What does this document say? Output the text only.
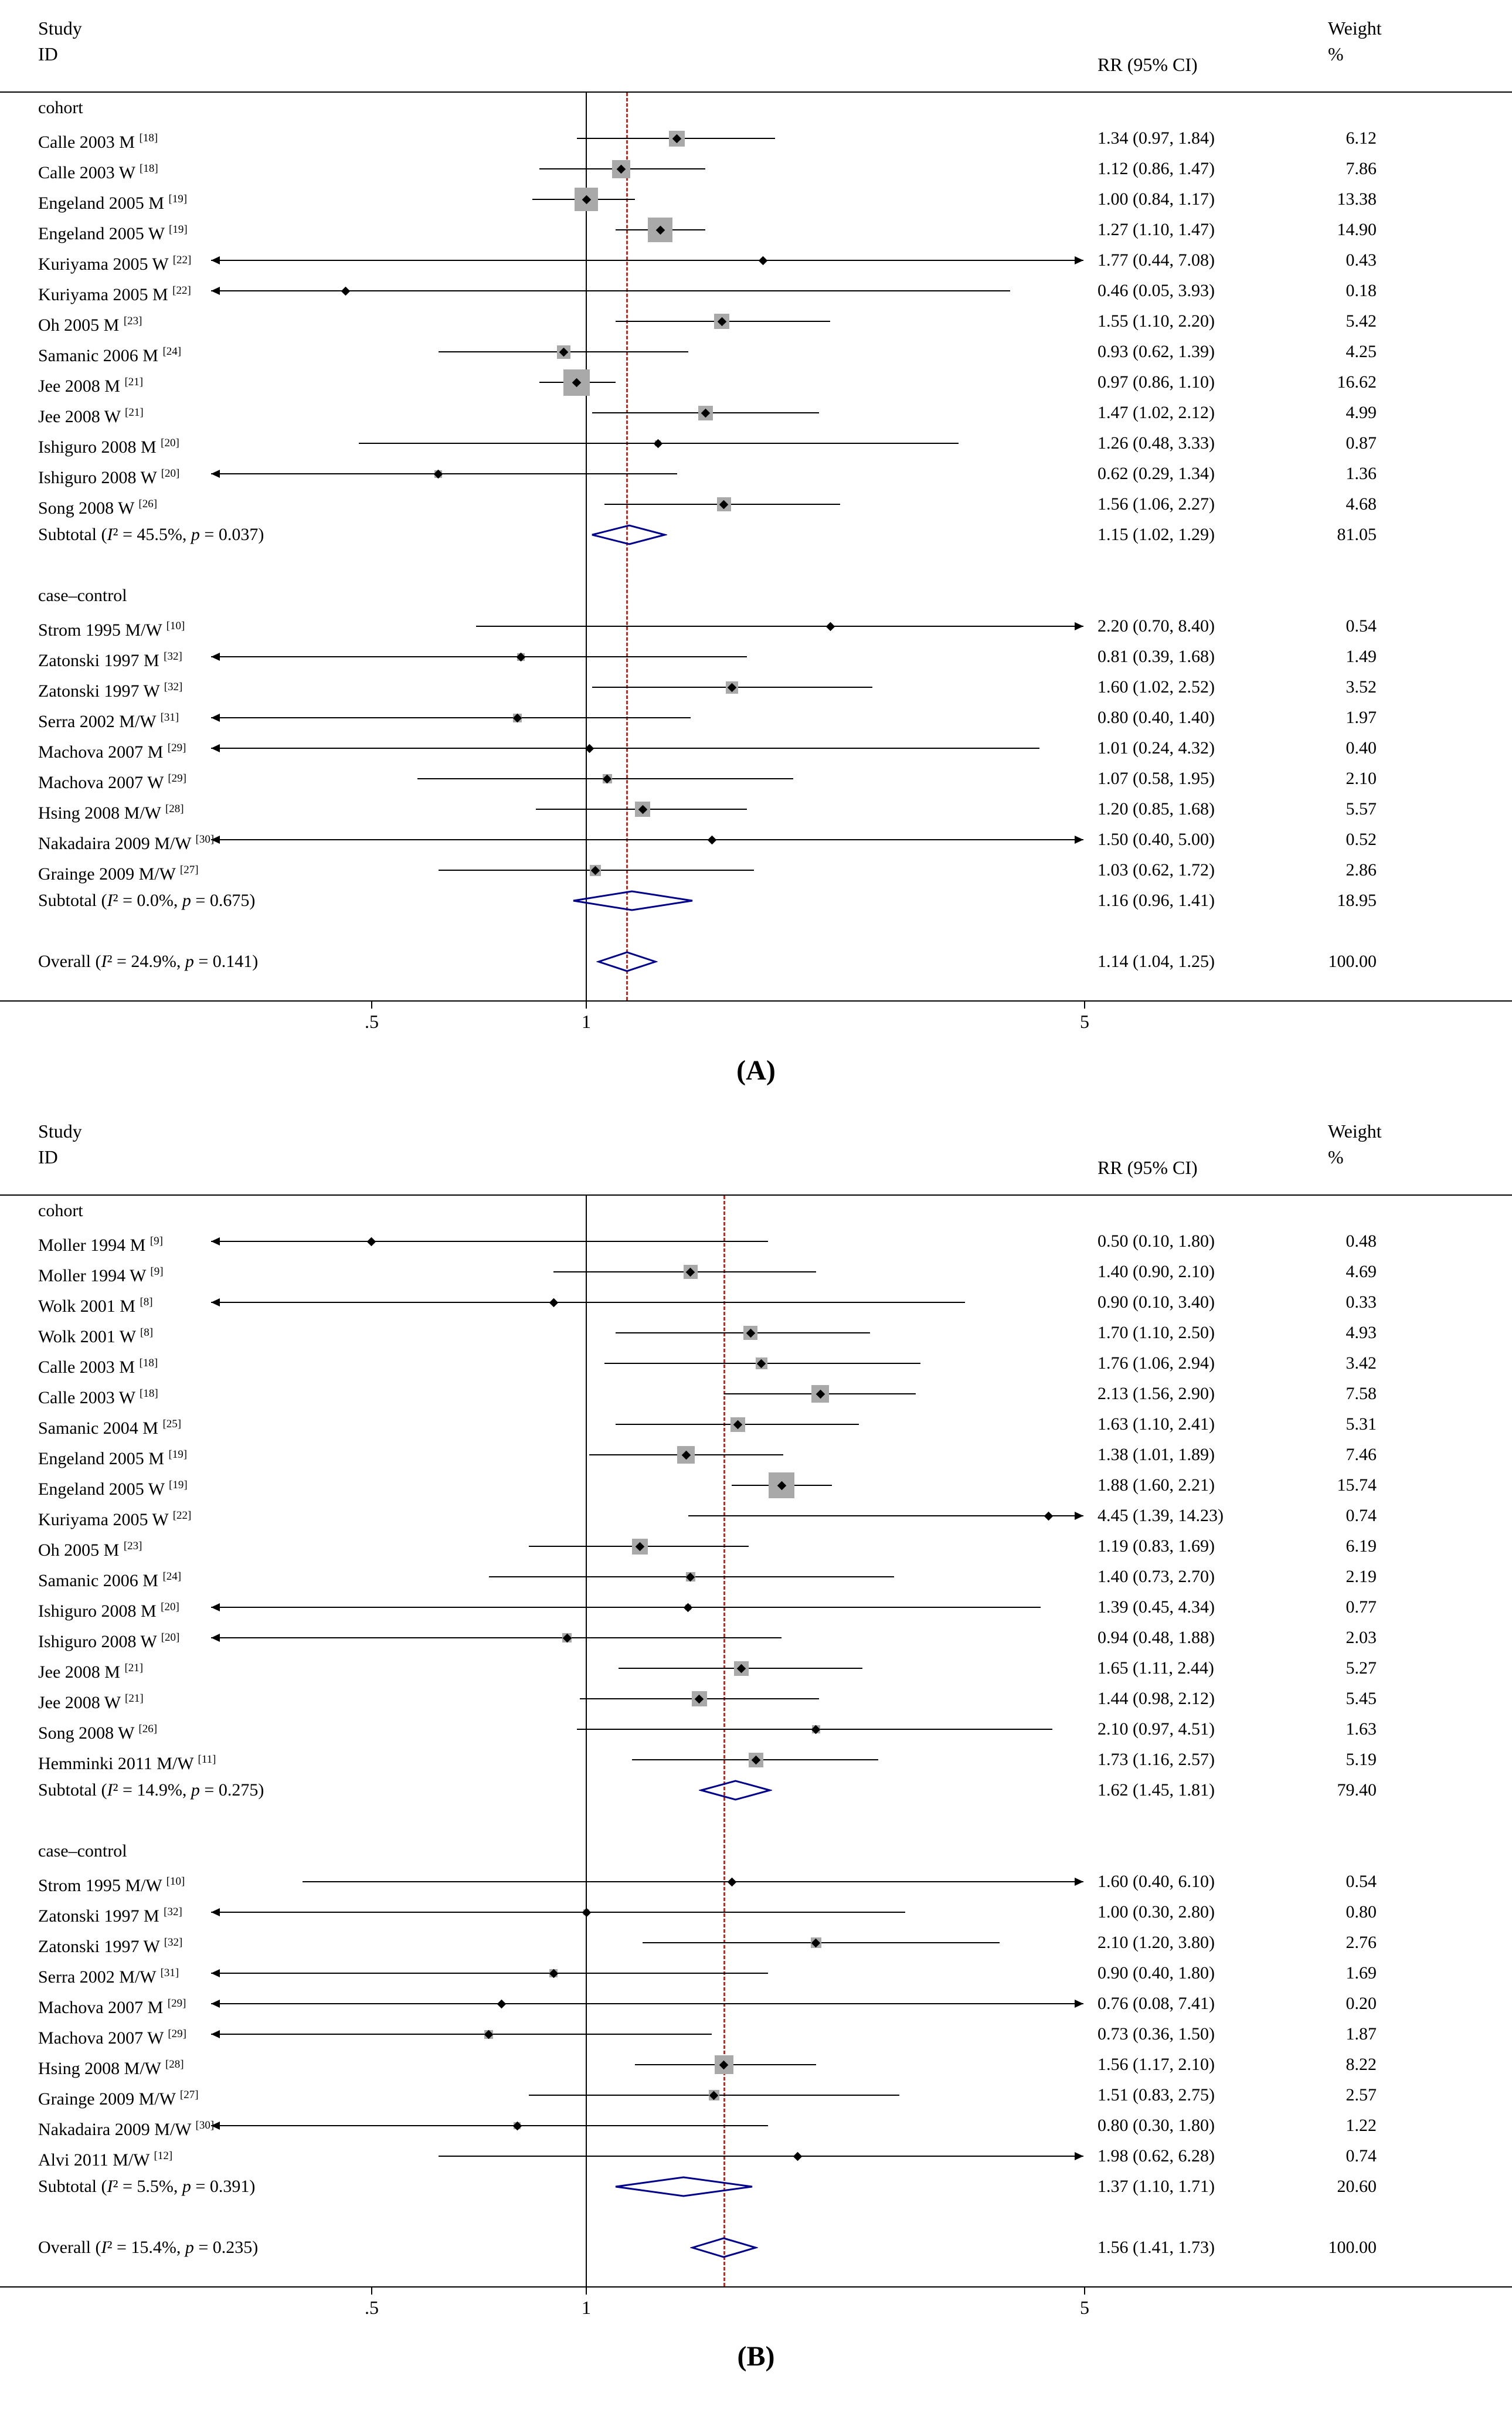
Study
ID	RR (95% CI)
Weight
%
cohort
Calle 2003 M [18]	1.34 (0.97, 1.84)	6.12
Calle 2003 W [18]	1.12 (0.86, 1.47)	7.86
Engeland 2005 M [19]	1.00 (0.84, 1.17)	13.38
Engeland 2005 W [19]	1.27 (1.10, 1.47)	14.90
Kuriyama 2005 W [22]	1.77 (0.44, 7.08)	0.43
Kuriyama 2005 M [22]	0.46 (0.05, 3.93)	0.18
Oh 2005 M [23]	1.55 (1.10, 2.20)	5.42
Samanic 2006 M [24]	0.93 (0.62, 1.39)	4.25
Jee 2008 M [21]	0.97 (0.86, 1.10)	16.62
Jee 2008 W [21]	1.47 (1.02, 2.12)	4.99
Ishiguro 2008 M [20]	1.26 (0.48, 3.33)	0.87
Ishiguro 2008 W [20]	0.62 (0.29, 1.34)	1.36
Song 2008 W [26]	1.56 (1.06, 2.27)	4.68
Subtotal (I² = 45.5%, p = 0.037)	1.15 (1.02, 1.29)	81.05
case–control
Strom 1995 M/W [10]	2.20 (0.70, 8.40)	0.54
Zatonski 1997 M [32]	0.81 (0.39, 1.68)	1.49
Zatonski 1997 W [32]	1.60 (1.02, 2.52)	3.52
Serra 2002 M/W [31]	0.80 (0.40, 1.40)	1.97
Machova 2007 M [29]	1.01 (0.24, 4.32)	0.40
Machova 2007 W [29]	1.07 (0.58, 1.95)	2.10
Hsing 2008 M/W [28]	1.20 (0.85, 1.68)	5.57
Nakadaira 2009 M/W [30]	1.50 (0.40, 5.00)	0.52
Grainge 2009 M/W [27]	1.03 (0.62, 1.72)	2.86
Subtotal (I² = 0.0%, p = 0.675)	1.16 (0.96, 1.41)	18.95
Overall (I² = 24.9%, p = 0.141)	1.14 (1.04, 1.25)	100.00
.5	1	5
(A)
Study
ID	RR (95% CI)
Weight
%
cohort
Moller 1994 M [9]	0.50 (0.10, 1.80)	0.48
Moller 1994 W [9]	1.40 (0.90, 2.10)	4.69
Wolk 2001 M [8]	0.90 (0.10, 3.40)	0.33
Wolk 2001 W [8]	1.70 (1.10, 2.50)	4.93
Calle 2003 M [18]	1.76 (1.06, 2.94)	3.42
Calle 2003 W [18]	2.13 (1.56, 2.90)	7.58
Samanic 2004 M [25]	1.63 (1.10, 2.41)	5.31
Engeland 2005 M [19]	1.38 (1.01, 1.89)	7.46
Engeland 2005 W [19]	1.88 (1.60, 2.21)	15.74
Kuriyama 2005 W [22]	4.45 (1.39, 14.23)	0.74
Oh 2005 M [23]	1.19 (0.83, 1.69)	6.19
Samanic 2006 M [24]	1.40 (0.73, 2.70)	2.19
Ishiguro 2008 M [20]	1.39 (0.45, 4.34)	0.77
Ishiguro 2008 W [20]	0.94 (0.48, 1.88)	2.03
Jee 2008 M [21]	1.65 (1.11, 2.44)	5.27
Jee 2008 W [21]	1.44 (0.98, 2.12)	5.45
Song 2008 W [26]	2.10 (0.97, 4.51)	1.63
Hemminki 2011 M/W [11]	1.73 (1.16, 2.57)	5.19
Subtotal (I² = 14.9%, p = 0.275)	1.62 (1.45, 1.81)	79.40
case–control
Strom 1995 M/W [10]	1.60 (0.40, 6.10)	0.54
Zatonski 1997 M [32]	1.00 (0.30, 2.80)	0.80
Zatonski 1997 W [32]	2.10 (1.20, 3.80)	2.76
Serra 2002 M/W [31]	0.90 (0.40, 1.80)	1.69
Machova 2007 M [29]	0.76 (0.08, 7.41)	0.20
Machova 2007 W [29]	0.73 (0.36, 1.50)	1.87
Hsing 2008 M/W [28]	1.56 (1.17, 2.10)	8.22
Grainge 2009 M/W [27]	1.51 (0.83, 2.75)	2.57
Nakadaira 2009 M/W [30]	0.80 (0.30, 1.80)	1.22
Alvi 2011 M/W [12]	1.98 (0.62, 6.28)	0.74
Subtotal (I² = 5.5%, p = 0.391)	1.37 (1.10, 1.71)	20.60
Overall (I² = 15.4%, p = 0.235)	1.56 (1.41, 1.73)	100.00
.5	1	5
(B)
